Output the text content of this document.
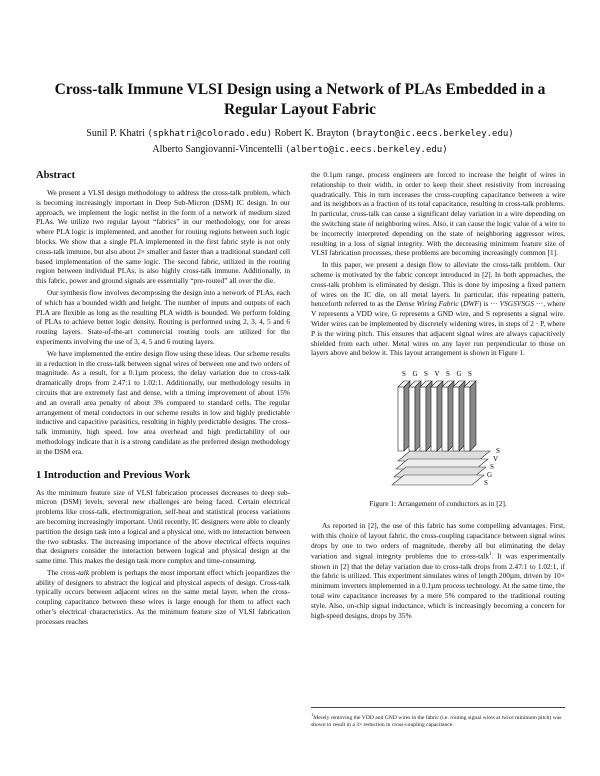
Cross-talk Immune VLSI Design using a Network of PLAs Embedded in a Regular Layout Fabric
Sunil P. Khatri (spkhatri@colorado.edu) Robert K. Brayton (brayton@ic.eecs.berkeley.edu)
Alberto Sangiovanni-Vincentelli (alberto@ic.eecs.berkeley.edu)
Abstract

We present a VLSI design methodology to address the cross-talk problem, which is becoming increasingly important in Deep Sub-Micron (DSM) IC design. In our approach, we implement the logic netlist in the form of a network of medium sized PLAs. We utilize two regular layout “fabrics” in our methodology, one for areas where PLA logic is implemented, and another for routing regions between such logic blocks. We show that a single PLA implemented in the first fabric style is not only cross-talk immune, but also about 2× smaller and faster than a traditional standard cell based implementation of the same logic. The second fabric, utilized in the routing region between individual PLAs, is also highly cross-talk immune. Additionally, in this fabric, power and ground signals are essentially “pre-routed” all over the die.

Our synthesis flow involves decomposing the design into a network of PLAs, each of which has a bounded width and height. The number of inputs and outputs of each PLA are flexible as long as the resulting PLA width is bounded. We perform folding of PLAs to achieve better logic density. Routing is performed using 2, 3, 4, 5 and 6 routing layers. State-of-the-art commercial routing tools are utilized for the experiments involving the use of 3, 4, 5 and 6 routing layers.

We have implemented the entire design flow using these ideas. Our scheme results in a reduction in the cross-talk between signal wires of between one and two orders of magnitude. As a result, for a 0.1µm process, the delay variation due to cross-talk dramatically drops from 2.47:1 to 1.02:1. Additionally, our methodology results in circuits that are extremely fast and dense, with a timing improvement of about 15% and an overall area penalty of about 3% compared to standard cells. The regular arrangement of metal conductors in our scheme results in low and highly predictable inductive and capacitive parasitics, resulting in highly predictable designs. The cross-talk immunity, high speed, low area overhead and high predictability of our methodology indicate that it is a strong candidate as the preferred design methodology in the DSM era.

1 Introduction and Previous Work

As the minimum feature size of VLSI fabrication processes decreases to deep sub-micron (DSM) levels, several new challenges are being faced. Certain electrical problems like cross-talk, electromigration, self-heat and statistical process variations are becoming increasingly important. Until recently, IC designers were able to cleanly partition the design task into a logical and a physical one, with no interaction between the two subtasks. The increasing importance of the above electrical effects requires that designers consider the interaction between logical and physical design at the same time. This makes the design task more complex and time-consuming.

The cross-talk problem is perhaps the most important effect which jeopardizes the ability of designers to abstract the logical and physical aspects of design. Cross-talk typically occurs between adjacent wires on the same metal layer, when the cross-coupling capacitance between these wires is large enough for them to affect each other’s electrical characteristics. As the minimum feature size of VLSI fabrication processes reaches

the 0.1µm range, process engineers are forced to increase the height of wires in relationship to their width, in order to keep their sheet resistivity from increasing quadratically. This in turn increases the cross-coupling capacitance between a wire and its neighbors as a fraction of its total capacitance, resulting in cross-talk problems. In particular, cross-talk can cause a significant delay variation in a wire depending on the switching state of neighboring wires. Also, it can cause the logic value of a wire to be incorrectly interpreted depending on the state of neighboring aggressor wires, resulting in a loss of signal integrity. With the decreasing minimum feature size of VLSI fabrication processes, these problems are becoming increasingly common [1].

In this paper, we present a design flow to alleviate the cross-talk problem. Our scheme is motivated by the fabric concept introduced in [2]. In both approaches, the cross-talk problem is eliminated by design. This is done by imposing a fixed pattern of wires on the IC die, on all metal layers. In particular, this repeating pattern, henceforth referred to as the Dense Wiring Fabric (DWF) is ··· VSGSVSGS ···, where V represents a VDD wire, G represents a GND wire, and S represents a signal wire. Wider wires can be implemented by discretely widening wires, in steps of 2 · P, where P is the wiring pitch. This ensures that adjacent signal wires are always capacitively shielded from each other. Metal wires on any layer run perpendicular to those on layers above and below it. This layout arrangement is shown in Figure 1.

S G S V S G S
S
V
S
G
S
Figure 1: Arrangement of conductors as in [2].

As reported in [2], the use of this fabric has some compelling advantages. First, with this choice of layout fabric, the cross-coupling capacitance between signal wires drops by one to two orders of magnitude, thereby all but eliminating the delay variation and signal integrity problems due to cross-talk$^1$. It was experimentally shown in [2] that the delay variation due to cross-talk drops from 2.47:1 to 1.02:1, if the fabric is utilized. This experiment simulates wires of length 200µm, driven by 10× minimum inverters implemented in a 0.1µm process technology. At the same time, the total wire capacitance increases by a mere 5% compared to the traditional routing style. Also, on-chip signal inductance, which is increasingly becoming a concern for high-speed designs, drops by 35%

$^1$Merely removing the VDD and GND wires in the fabric (i.e. routing signal wires at twice minimum pitch) was shown to result in a 3× reduction in cross-coupling capacitance.
